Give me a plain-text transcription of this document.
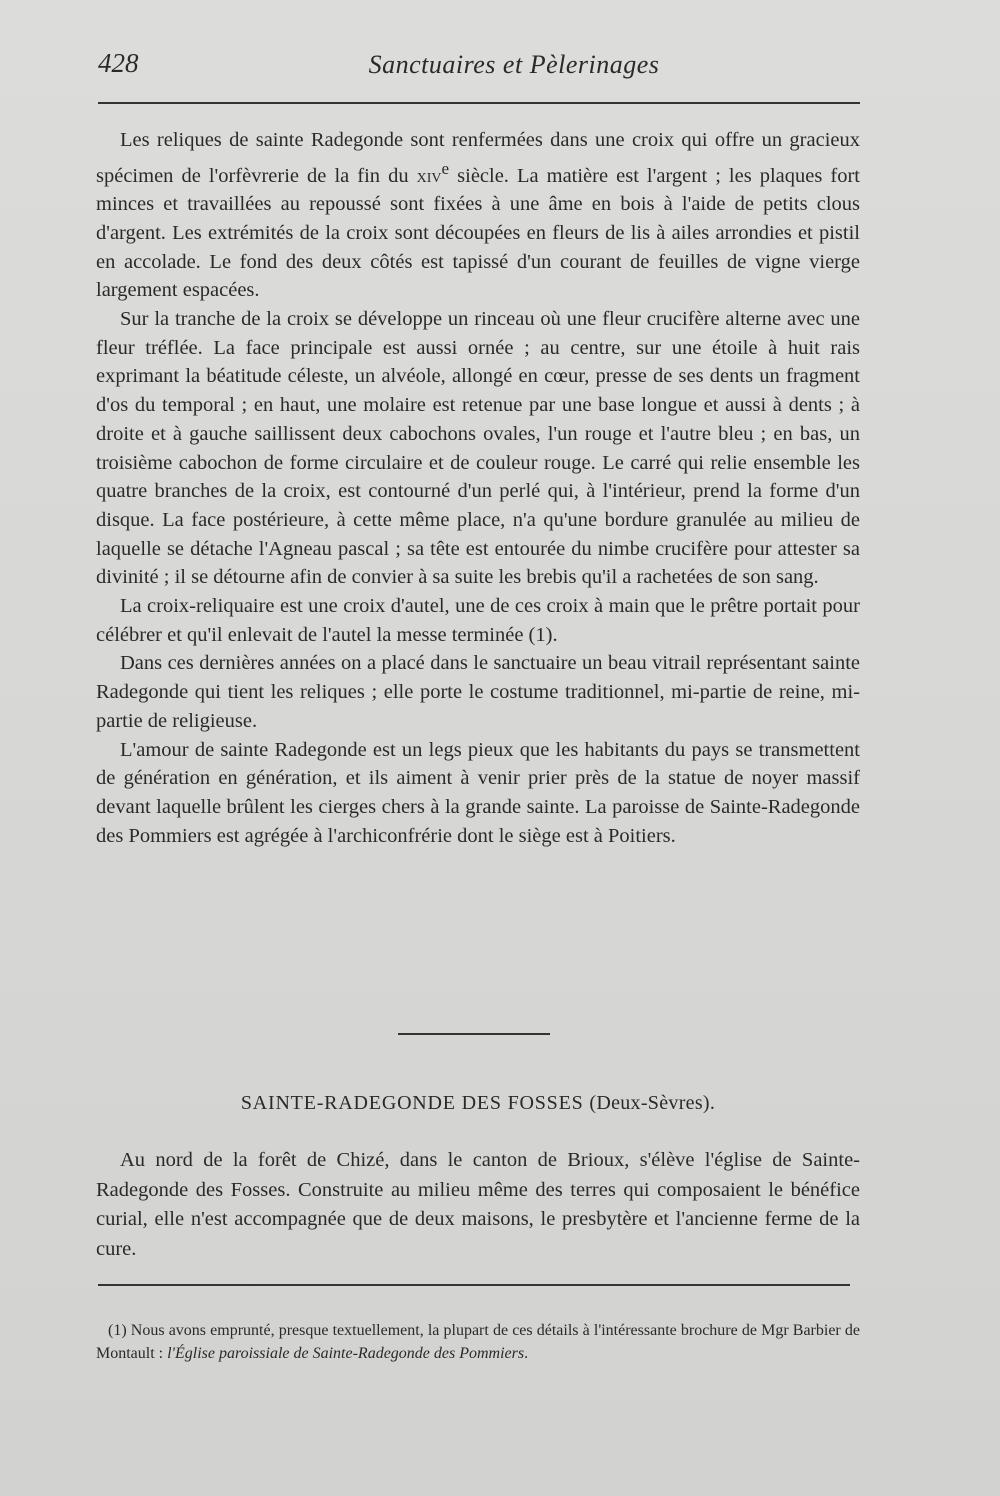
428	Sanctuaires et Pèlerinages

Les reliques de sainte Radegonde sont renfermées dans une croix qui offre un gracieux spécimen de l'orfèvrerie de la fin du xiv$^e$ siècle. La matière est l'argent ; les plaques fort minces et travaillées au repoussé sont fixées à une âme en bois à l'aide de petits clous d'argent. Les extrémités de la croix sont découpées en fleurs de lis à ailes arrondies et pistil en accolade. Le fond des deux côtés est tapissé d'un courant de feuilles de vigne vierge largement espacées.

Sur la tranche de la croix se développe un rinceau où une fleur crucifère alterne avec une fleur tréflée. La face principale est aussi ornée ; au centre, sur une étoile à huit rais exprimant la béatitude céleste, un alvéole, allongé en cœur, presse de ses dents un fragment d'os du temporal ; en haut, une molaire est retenue par une base longue et aussi à dents ; à droite et à gauche saillissent deux cabochons ovales, l'un rouge et l'autre bleu ; en bas, un troisième cabochon de forme circulaire et de couleur rouge. Le carré qui relie ensemble les quatre branches de la croix, est contourné d'un perlé qui, à l'intérieur, prend la forme d'un disque. La face postérieure, à cette même place, n'a qu'une bordure granulée au milieu de laquelle se détache l'Agneau pascal ; sa tête est entourée du nimbe crucifère pour attester sa divinité ; il se détourne afin de convier à sa suite les brebis qu'il a rachetées de son sang.

La croix-reliquaire est une croix d'autel, une de ces croix à main que le prêtre portait pour célébrer et qu'il enlevait de l'autel la messe terminée (1).

Dans ces dernières années on a placé dans le sanctuaire un beau vitrail représentant sainte Radegonde qui tient les reliques ; elle porte le costume traditionnel, mi-partie de reine, mi-partie de religieuse.

L'amour de sainte Radegonde est un legs pieux que les habitants du pays se transmettent de génération en génération, et ils aiment à venir prier près de la statue de noyer massif devant laquelle brûlent les cierges chers à la grande sainte. La paroisse de Sainte-Radegonde des Pommiers est agrégée à l'archiconfrérie dont le siège est à Poitiers.

SAINTE-RADEGONDE DES FOSSES (Deux-Sèvres).

Au nord de la forêt de Chizé, dans le canton de Brioux, s'élève l'église de Sainte-Radegonde des Fosses. Construite au milieu même des terres qui composaient le bénéfice curial, elle n'est accompagnée que de deux maisons, le presbytère et l'ancienne ferme de la cure.

(1) Nous avons emprunté, presque textuellement, la plupart de ces détails à l'intéressante brochure de Mgr Barbier de Montault : l'Église paroissiale de Sainte-Radegonde des Pommiers.
